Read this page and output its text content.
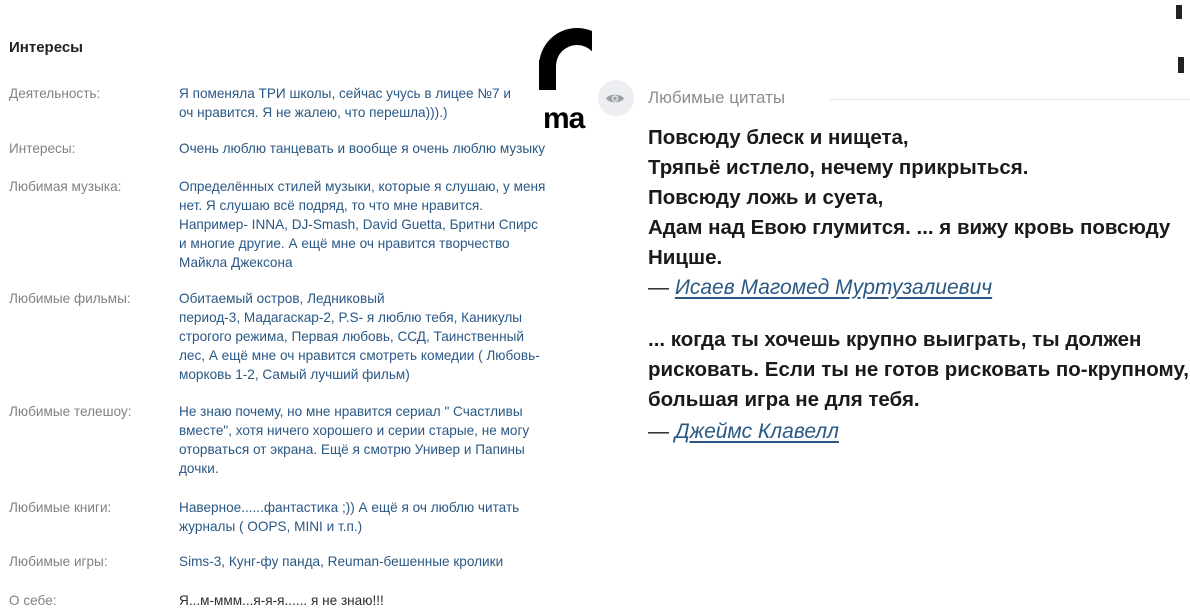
Интересы
Деятельность:	Я поменяла ТРИ школы, сейчас учусь в лицее №7 и
оч нравится. Я не жалею, что перешла))).)
Интересы:	Очень люблю танцевать и вообще я очень люблю музыку
Любимая музыка:	Определённых стилей музыки, которые я слушаю, у меня
нет. Я слушаю всё подряд, то что мне нравится.
Например- INNA, DJ-Smash, David Guetta, Бритни Спирс
и многие другие. А ещё мне оч нравится творчество
Майкла Джексона
Любимые фильмы:	Обитаемый остров, Ледниковый
период-3, Мадагаскар-2, P.S- я люблю тебя, Каникулы
строгого режима, Первая любовь, ССД, Таинственный
лес, А ещё мне оч нравится смотреть комедии ( Любовь-
морковь 1-2, Самый лучший фильм)
Любимые телешоу:	Не знаю почему, но мне нравится сериал " Счастливы
вместе", хотя ничего хорошего и серии старые, не могу
оторваться от экрана. Ещё я смотрю Универ и Папины
дочки.
Любимые книги:	Наверное......фантастика ;)) А ещё я оч люблю читать
журналы ( OOPS, MINI и т.п.)
Любимые игры:	Sims-3, Кунг-фу панда, Reuman-бешенные кролики
О себе:	Я...м-ммм...я-я-я...... я не знаю!!!
ma
Любимые цитаты
Повсюду блеск и нищета,
Тряпьё истлело, нечему прикрыться.
Повсюду ложь и суета,
Адам над Евою глумится. ... я вижу кровь повсюду
Ницше.
— Исаев Магомед Муртузалиевич
... когда ты хочешь крупно выиграть, ты должен
рисковать. Если ты не готов рисковать по-крупному,
большая игра не для тебя.
— Джеймс Клавелл
